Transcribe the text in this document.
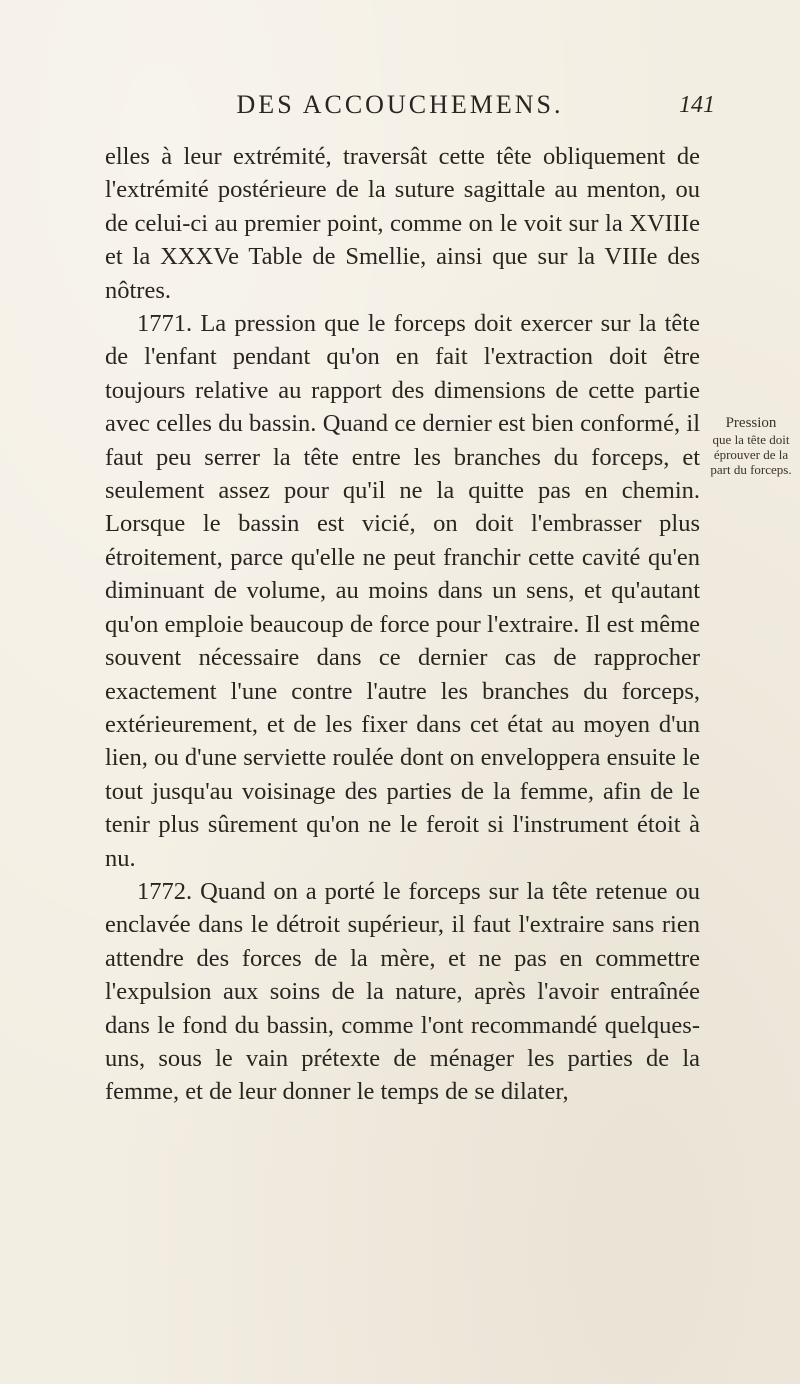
DES ACCOUCHEMENS.	141

elles à leur extrémité, traversât cette tête obliquement de l'extrémité postérieure de la suture sagittale au menton, ou de celui-ci au premier point, comme on le voit sur la XVIIIe et la XXXVe Table de Smellie, ainsi que sur la VIIIe des nôtres.

1771. La pression que le forceps doit exercer sur la tête de l'enfant pendant qu'on en fait l'extraction doit être toujours relative au rapport des dimensions de cette partie avec celles du bassin. Quand ce dernier est bien conformé, il faut peu serrer la tête entre les branches du forceps, et seulement assez pour qu'il ne la quitte pas en chemin. Lorsque le bassin est vicié, on doit l'embrasser plus étroitement, parce qu'elle ne peut franchir cette cavité qu'en diminuant de volume, au moins dans un sens, et qu'autant qu'on emploie beaucoup de force pour l'extraire. Il est même souvent nécessaire dans ce dernier cas de rapprocher exactement l'une contre l'autre les branches du forceps, extérieurement, et de les fixer dans cet état au moyen d'un lien, ou d'une serviette roulée dont on enveloppera ensuite le tout jusqu'au voisinage des parties de la femme, afin de le tenir plus sûrement qu'on ne le feroit si l'instrument étoit à nu.

1772. Quand on a porté le forceps sur la tête retenue ou enclavée dans le détroit supérieur, il faut l'extraire sans rien attendre des forces de la mère, et ne pas en commettre l'expulsion aux soins de la nature, après l'avoir entraînée dans le fond du bassin, comme l'ont recommandé quelques-uns, sous le vain prétexte de ménager les parties de la femme, et de leur donner le temps de se dilater,

Pression
que la tête doit éprouver de la part du forceps.
